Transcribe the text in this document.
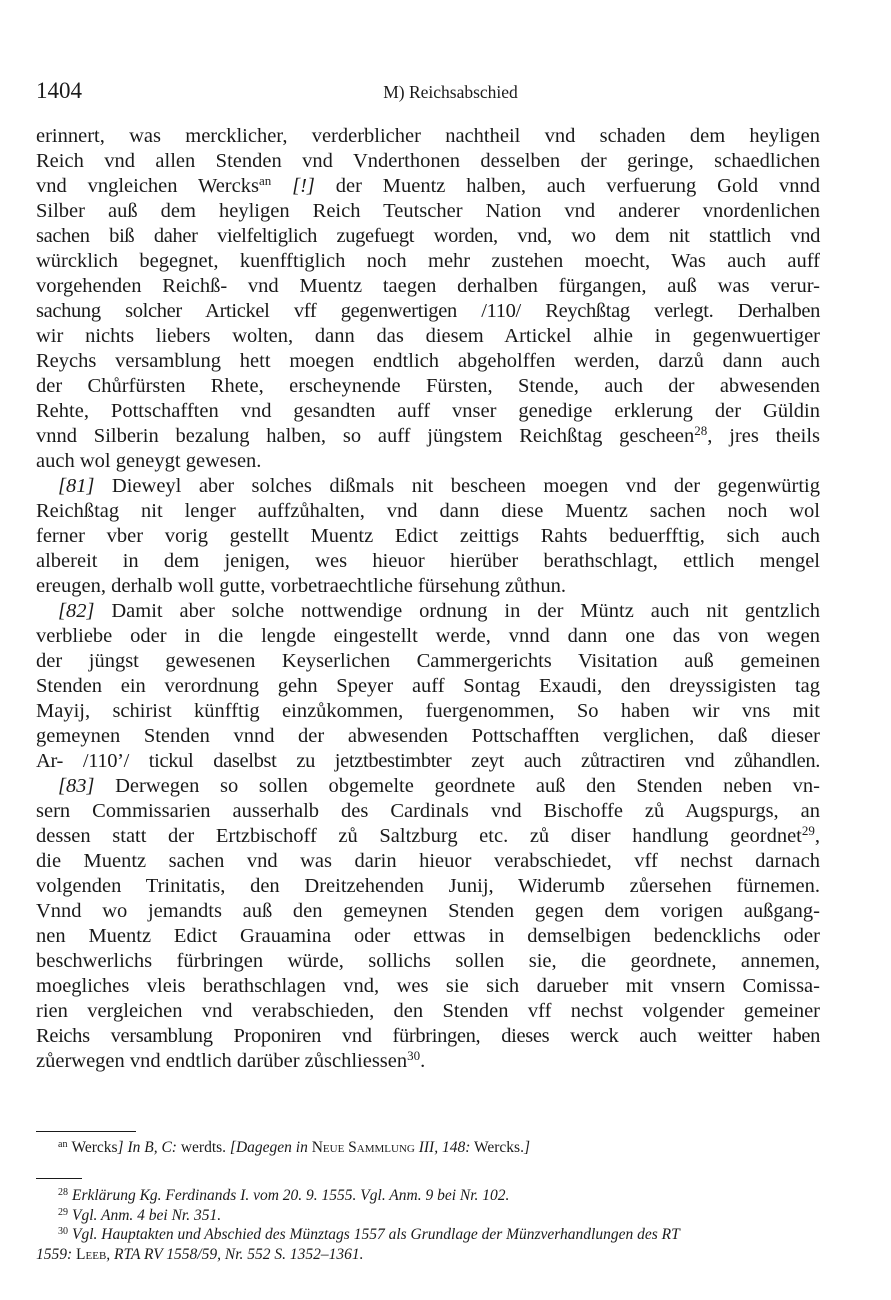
1404	M) Reichsabschied
erinnert, was mercklicher, verderblicher nachtheil vnd schaden dem heyligen
Reich vnd allen Stenden vnd Vnderthonen desselben der geringe, schaedlichen
vnd vngleichen Wercks$^{an}$ [!] der Muentz halben, auch verfuerung Gold vnnd
Silber auß dem heyligen Reich Teutscher Nation vnd anderer vnordenlichen
sachen biß daher vielfeltiglich zugefuegt worden, vnd, wo dem nit stattlich vnd
würcklich begegnet, kuenfftiglich noch mehr zustehen moecht, Was auch auff
vorgehenden Reichß- vnd Muentz taegen derhalben fürgangen, auß was verur-
sachung solcher Artickel vff gegenwertigen /110/ Reychßtag verlegt. Derhalben
wir nichts liebers wolten, dann das diesem Artickel alhie in gegenwuertiger
Reychs versamblung hett moegen endtlich abgeholffen werden, darzů dann auch
der Chůrfürsten Rhete, erscheynende Fürsten, Stende, auch der abwesenden
Rehte, Pottschafften vnd gesandten auff vnser genedige erklerung der Güldin
vnnd Silberin bezalung halben, so auff jüngstem Reichßtag gescheen$^{28}$, jres theils
auch wol geneygt gewesen.
[81] Dieweyl aber solches dißmals nit bescheen moegen vnd der gegenwürtig
Reichßtag nit lenger auffzůhalten, vnd dann diese Muentz sachen noch wol
ferner vber vorig gestellt Muentz Edict zeittigs Rahts beduerfftig, sich auch
albereit in dem jenigen, wes hieuor hierüber berathschlagt, ettlich mengel
ereugen, derhalb woll gutte, vorbetraechtliche fürsehung zůthun.
[82] Damit aber solche nottwendige ordnung in der Müntz auch nit gentzlich
verbliebe oder in die lengde eingestellt werde, vnnd dann one das von wegen
der jüngst gewesenen Keyserlichen Cammergerichts Visitation auß gemeinen
Stenden ein verordnung gehn Speyer auff Sontag Exaudi, den dreyssigisten tag
Mayij, schirist künfftig einzůkommen, fuergenommen, So haben wir vns mit
gemeynen Stenden vnnd der abwesenden Pottschafften verglichen, daß dieser
Ar- /110’/ tickul daselbst zu jetztbestimbter zeyt auch zůtractiren vnd zůhandlen.
[83] Derwegen so sollen obgemelte geordnete auß den Stenden neben vn-
sern Commissarien ausserhalb des Cardinals vnd Bischoffe zů Augspurgs, an
dessen statt der Ertzbischoff zů Saltzburg etc. zů diser handlung geordnet$^{29}$,
die Muentz sachen vnd was darin hieuor verabschiedet, vff nechst darnach
volgenden Trinitatis, den Dreitzehenden Junij, Widerumb zůersehen fürnemen.
Vnnd wo jemandts auß den gemeynen Stenden gegen dem vorigen außgang-
nen Muentz Edict Grauamina oder ettwas in demselbigen bedencklichs oder
beschwerlichs fürbringen würde, sollichs sollen sie, die geordnete, annemen,
moegliches vleis berathschlagen vnd, wes sie sich darueber mit vnsern Comissa-
rien vergleichen vnd verabschieden, den Stenden vff nechst volgender gemeiner
Reichs versamblung Proponiren vnd fürbringen, dieses werck auch weitter haben
zůerwegen vnd endtlich darüber zůschliessen$^{30}$.
$^{an}$ Wercks] In B, C: werdts. [Dagegen in Neue Sammlung III, 148: Wercks.]
$^{28}$ Erklärung Kg. Ferdinands I. vom 20. 9. 1555. Vgl. Anm. 9 bei Nr. 102.
$^{29}$ Vgl. Anm. 4 bei Nr. 351.
$^{30}$ Vgl. Hauptakten und Abschied des Münztags 1557 als Grundlage der Münzverhandlungen des RT
1559: Leeb, RTA RV 1558/59, Nr. 552 S. 1352–1361.
